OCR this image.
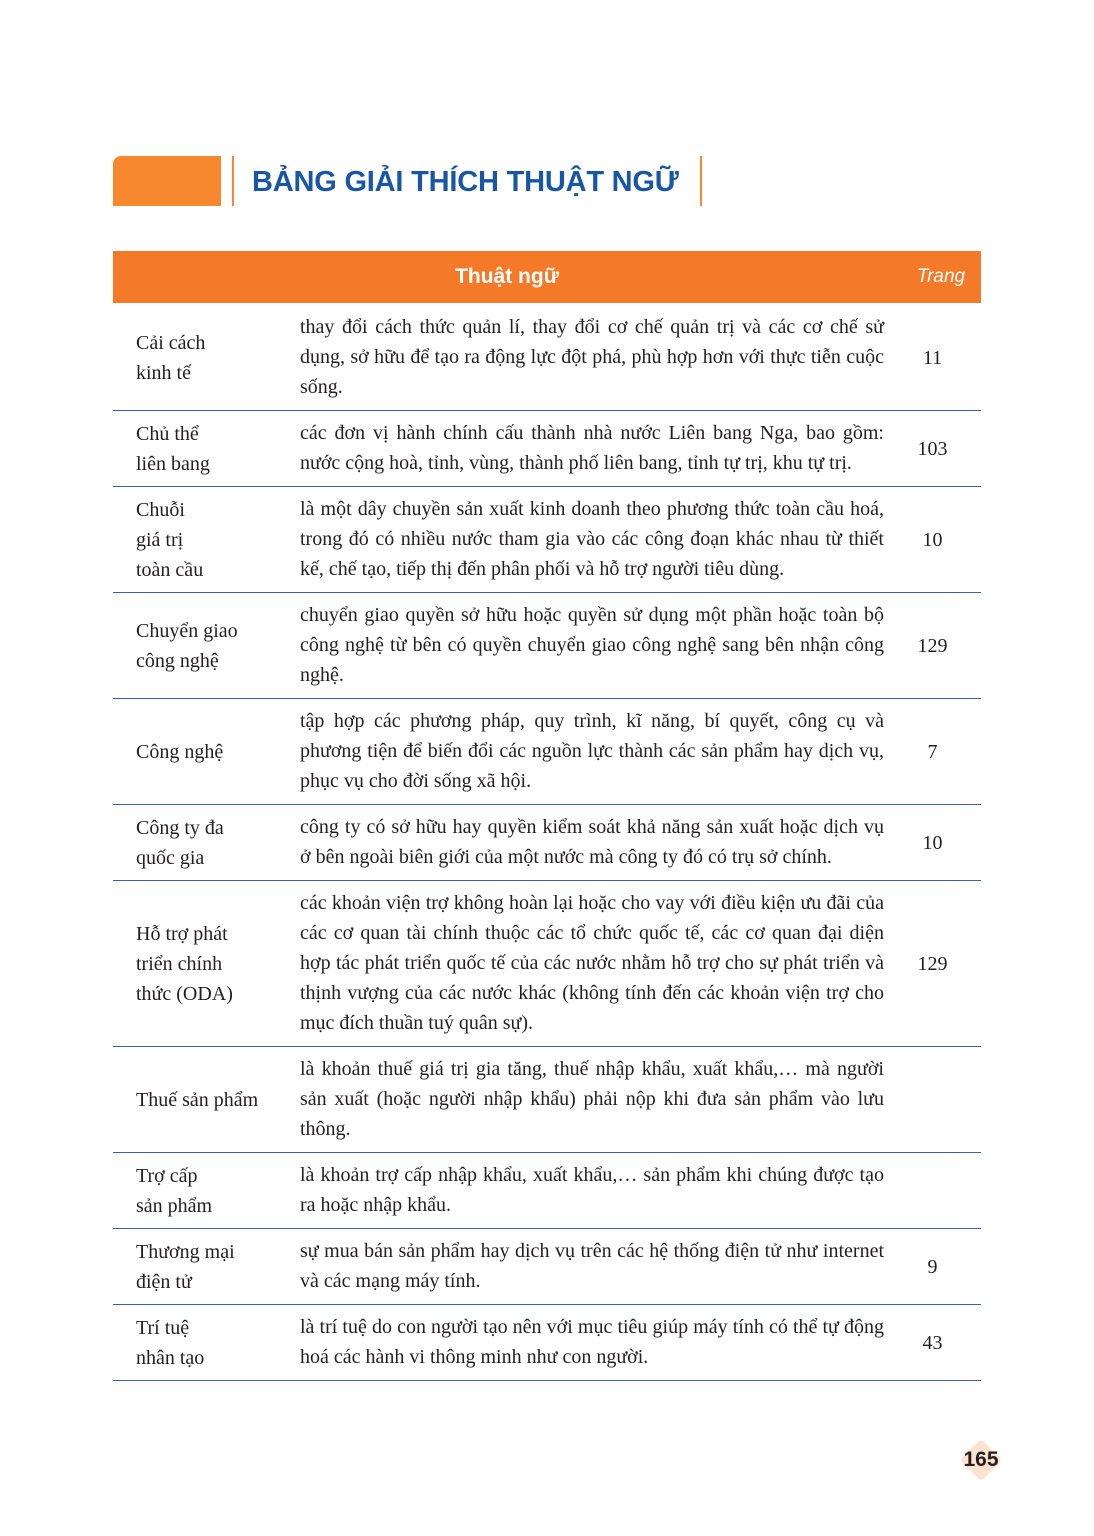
BẢNG GIẢI THÍCH THUẬT NGỮ
Thuật ngữ	Trang
Cải cách
kinh tế
thay đổi cách thức quản lí, thay đổi cơ chế quản trị và các cơ chế sử dụng, sở hữu để tạo ra động lực đột phá, phù hợp hơn với thực tiễn cuộc sống.
11
Chủ thể
liên bang
các đơn vị hành chính cấu thành nhà nước Liên bang Nga, bao gồm: nước cộng hoà, tỉnh, vùng, thành phố liên bang, tỉnh tự trị, khu tự trị.
103
Chuỗi
giá trị
toàn cầu
là một dây chuyền sản xuất kinh doanh theo phương thức toàn cầu hoá, trong đó có nhiều nước tham gia vào các công đoạn khác nhau từ thiết kế, chế tạo, tiếp thị đến phân phối và hỗ trợ người tiêu dùng.
10
Chuyển giao
công nghệ
chuyển giao quyền sở hữu hoặc quyền sử dụng một phần hoặc toàn bộ công nghệ từ bên có quyền chuyển giao công nghệ sang bên nhận công nghệ.
129
Công nghệ
tập hợp các phương pháp, quy trình, kĩ năng, bí quyết, công cụ và phương tiện để biến đổi các nguồn lực thành các sản phẩm hay dịch vụ, phục vụ cho đời sống xã hội.
7
Công ty đa
quốc gia
công ty có sở hữu hay quyền kiểm soát khả năng sản xuất hoặc dịch vụ ở bên ngoài biên giới của một nước mà công ty đó có trụ sở chính.
10
Hỗ trợ phát
triển chính
thức (ODA)
các khoản viện trợ không hoàn lại hoặc cho vay với điều kiện ưu đãi của các cơ quan tài chính thuộc các tổ chức quốc tế, các cơ quan đại diện hợp tác phát triển quốc tế của các nước nhằm hỗ trợ cho sự phát triển và thịnh vượng của các nước khác (không tính đến các khoản viện trợ cho mục đích thuần tuý quân sự).
129
Thuế sản phẩm
là khoản thuế giá trị gia tăng, thuế nhập khẩu, xuất khẩu,… mà người sản xuất (hoặc người nhập khẩu) phải nộp khi đưa sản phẩm vào lưu thông.
Trợ cấp
sản phẩm
là khoản trợ cấp nhập khẩu, xuất khẩu,… sản phẩm khi chúng được tạo ra hoặc nhập khẩu.
Thương mại
điện tử
sự mua bán sản phẩm hay dịch vụ trên các hệ thống điện tử như internet và các mạng máy tính.
9
Trí tuệ
nhân tạo
là trí tuệ do con người tạo nên với mục tiêu giúp máy tính có thể tự động hoá các hành vi thông minh như con người.
43
165
